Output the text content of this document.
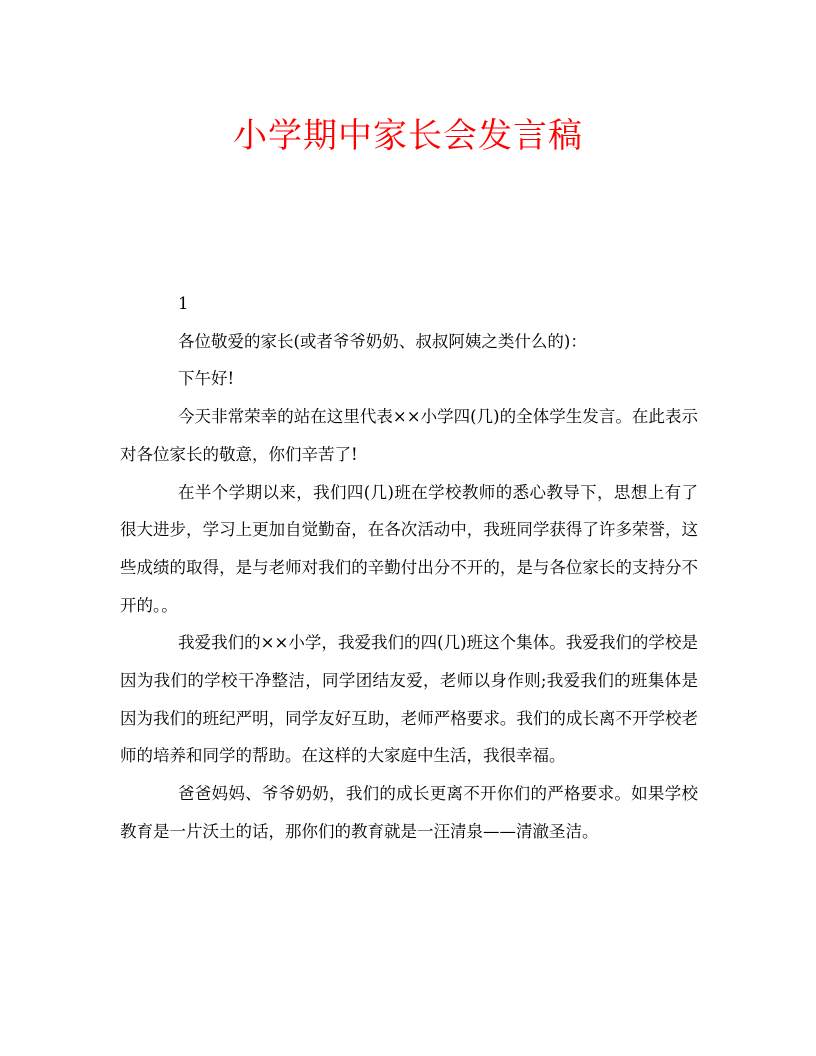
小学期中家长会发言稿

1

各位敬爱的家长(或者爷爷奶奶、叔叔阿姨之类什么的)：

下午好!

今天非常荣幸的站在这里代表××小学四(几)的全体学生发言。在此表示对各位家长的敬意，你们辛苦了!

在半个学期以来，我们四(几)班在学校教师的悉心教导下，思想上有了很大进步，学习上更加自觉勤奋，在各次活动中，我班同学获得了许多荣誉，这些成绩的取得，是与老师对我们的辛勤付出分不开的，是与各位家长的支持分不开的。。

我爱我们的××小学，我爱我们的四(几)班这个集体。我爱我们的学校是因为我们的学校干净整洁，同学团结友爱，老师以身作则;我爱我们的班集体是因为我们的班纪严明，同学友好互助，老师严格要求。我们的成长离不开学校老师的培养和同学的帮助。在这样的大家庭中生活，我很幸福。

爸爸妈妈、爷爷奶奶，我们的成长更离不开你们的严格要求。如果学校教育是一片沃土的话，那你们的教育就是一汪清泉——清澈圣洁。
